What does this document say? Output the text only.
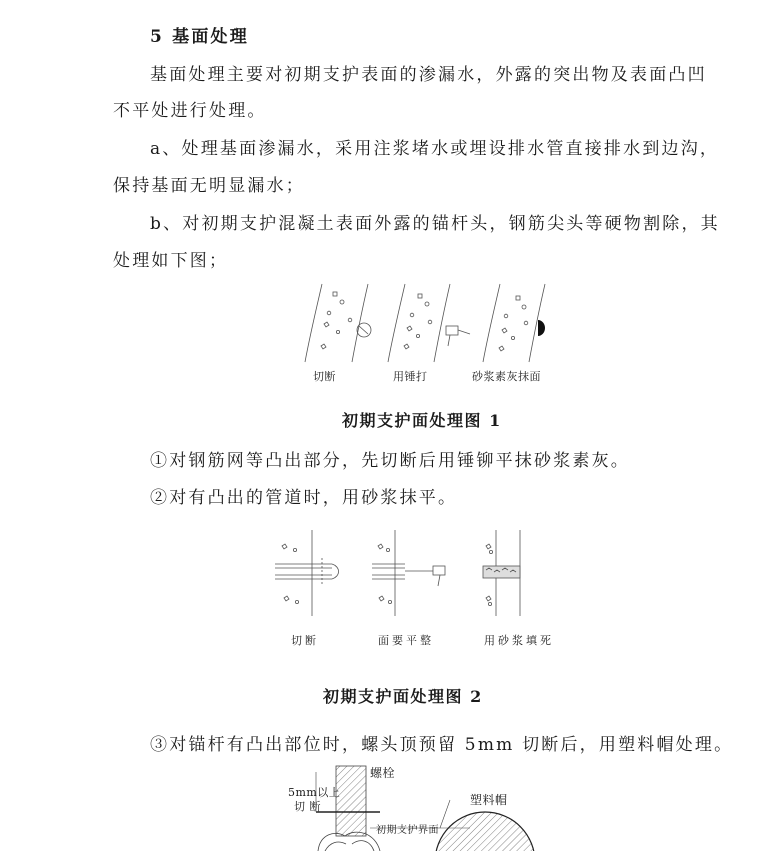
5 基面处理
基面处理主要对初期支护表面的渗漏水，外露的突出物及表面凸凹
不平处进行处理。
a、处理基面渗漏水，采用注浆堵水或埋设排水管直接排水到边沟，
保持基面无明显漏水；
b、对初期支护混凝土表面外露的锚杆头，钢筋尖头等硬物割除，其
处理如下图；
切断	用锤打	砂浆素灰抹面
初期支护面处理图 1
①对钢筋网等凸出部分，先切断后用锤铆平抹砂浆素灰。
②对有凸出的管道时，用砂浆抹平。
切断	面要平整	用砂浆填死
初期支护面处理图 2
③对锚杆有凸出部位时，螺头顶预留 5mm 切断后，用塑料帽处理。
螺栓
5mm以上
切 断	塑料帽
初期支护界面
